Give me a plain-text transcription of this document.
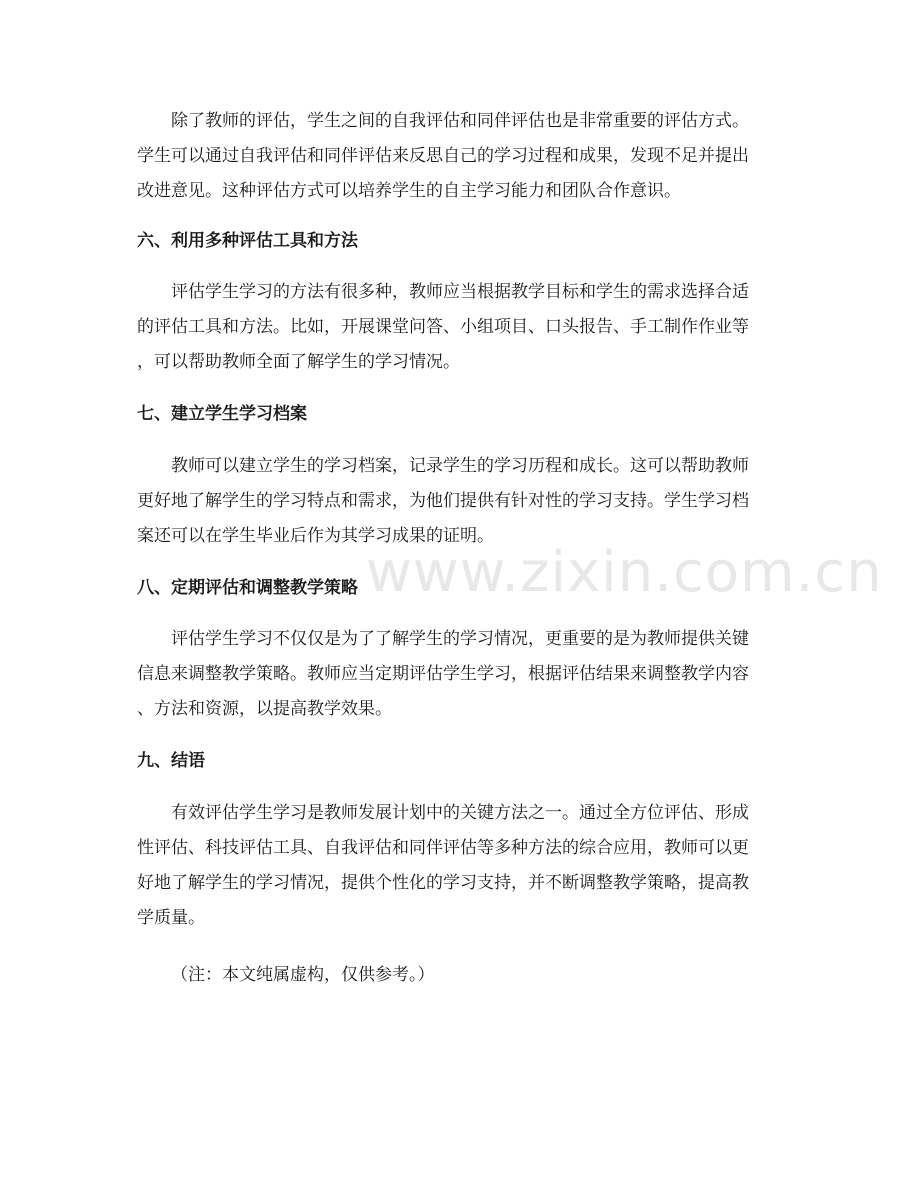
www.zixin.com.cn

除了教师的评估，学生之间的自我评估和同伴评估也是非常重要的评估方式。
学生可以通过自我评估和同伴评估来反思自己的学习过程和成果，发现不足并提出
改进意见。这种评估方式可以培养学生的自主学习能力和团队合作意识。

六、利用多种评估工具和方法

评估学生学习的方法有很多种，教师应当根据教学目标和学生的需求选择合适
的评估工具和方法。比如，开展课堂问答、小组项目、口头报告、手工制作作业等
，可以帮助教师全面了解学生的学习情况。

七、建立学生学习档案

教师可以建立学生的学习档案，记录学生的学习历程和成长。这可以帮助教师
更好地了解学生的学习特点和需求，为他们提供有针对性的学习支持。学生学习档
案还可以在学生毕业后作为其学习成果的证明。

八、定期评估和调整教学策略

评估学生学习不仅仅是为了了解学生的学习情况，更重要的是为教师提供关键
信息来调整教学策略。教师应当定期评估学生学习，根据评估结果来调整教学内容
、方法和资源，以提高教学效果。

九、结语

有效评估学生学习是教师发展计划中的关键方法之一。通过全方位评估、形成
性评估、科技评估工具、自我评估和同伴评估等多种方法的综合应用，教师可以更
好地了解学生的学习情况，提供个性化的学习支持，并不断调整教学策略，提高教
学质量。

（注：本文纯属虚构，仅供参考。）
